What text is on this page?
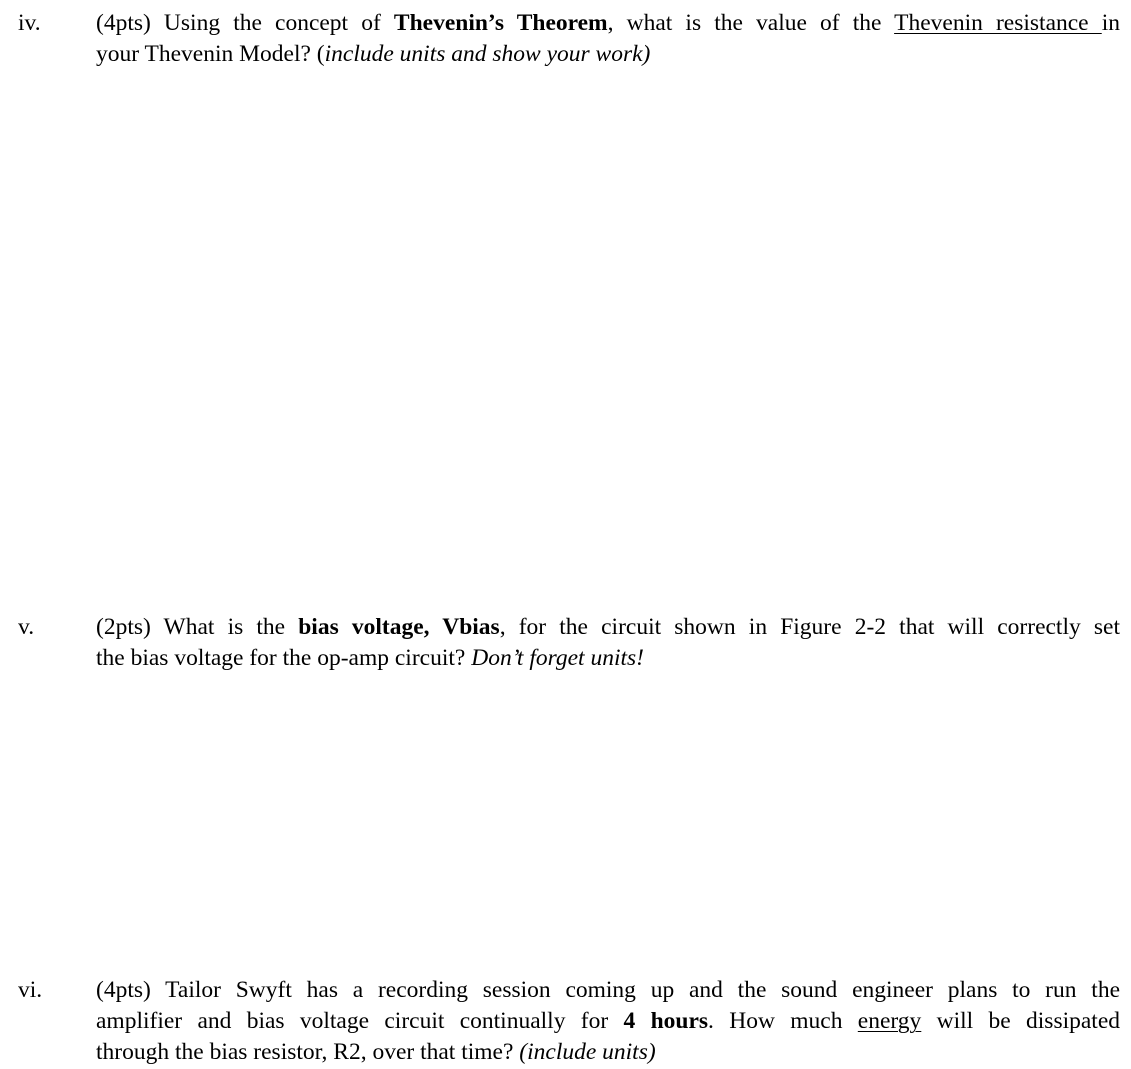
iv. (4pts) Using the concept of Thevenin’s Theorem, what is the value of the Thevenin resistance in
your Thevenin Model? (include units and show your work)
v.	(2pts) What is the bias voltage, Vbias, for the circuit shown in Figure 2-2 that will correctly set
the bias voltage for the op-amp circuit? Don’t forget units!
vi. (4pts) Tailor Swyft has a recording session coming up and the sound engineer plans to run the
amplifier and bias voltage circuit continually for 4 hours. How much energy will be dissipated
through the bias resistor, R2, over that time? (include units)
